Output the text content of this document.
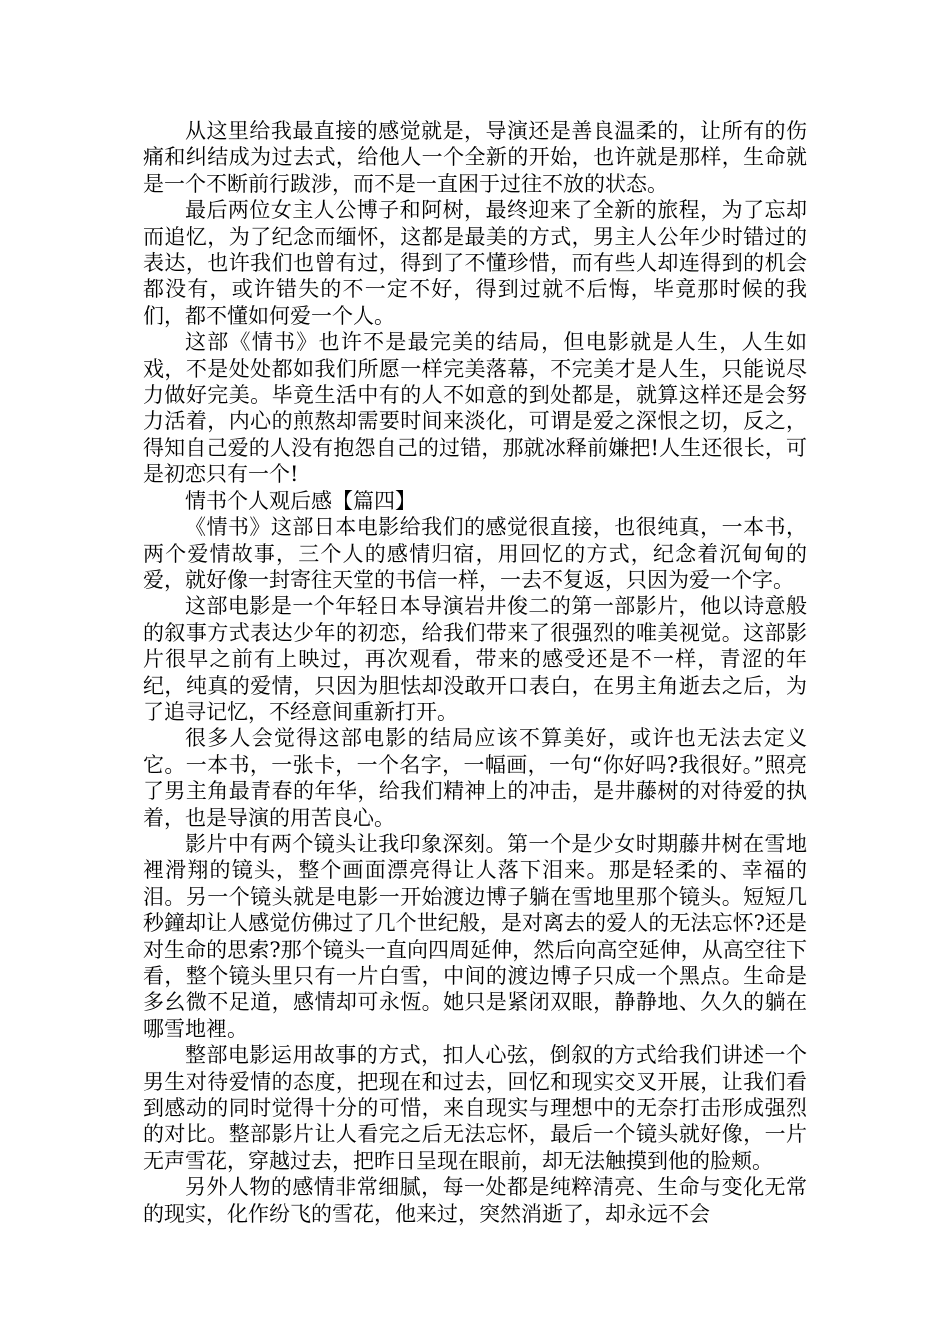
从这里给我最直接的感觉就是，导演还是善良温柔的，让所有的伤痛和纠结成为过去式，给他人一个全新的开始，也许就是那样，生命就是一个不断前行跋涉，而不是一直困于过往不放的状态。

最后两位女主人公博子和阿树，最终迎来了全新的旅程，为了忘却而追忆，为了纪念而缅怀，这都是最美的方式，男主人公年少时错过的表达，也许我们也曾有过，得到了不懂珍惜，而有些人却连得到的机会都没有，或许错失的不一定不好，得到过就不后悔，毕竟那时候的我们，都不懂如何爱一个人。

这部《情书》也许不是最完美的结局，但电影就是人生，人生如戏，不是处处都如我们所愿一样完美落幕，不完美才是人生，只能说尽力做好完美。毕竟生活中有的人不如意的到处都是，就算这样还是会努力活着，内心的煎熬却需要时间来淡化，可谓是爱之深恨之切，反之，得知自己爱的人没有抱怨自己的过错，那就冰释前嫌把!人生还很长，可是初恋只有一个!

情书个人观后感【篇四】

《情书》这部日本电影给我们的感觉很直接，也很纯真，一本书，两个爱情故事，三个人的感情归宿，用回忆的方式，纪念着沉甸甸的爱，就好像一封寄往天堂的书信一样，一去不复返，只因为爱一个字。

这部电影是一个年轻日本导演岩井俊二的第一部影片，他以诗意般的叙事方式表达少年的初恋，给我们带来了很强烈的唯美视觉。这部影片很早之前有上映过，再次观看，带来的感受还是不一样，青涩的年纪，纯真的爱情，只因为胆怯却没敢开口表白，在男主角逝去之后，为了追寻记忆，不经意间重新打开。

很多人会觉得这部电影的结局应该不算美好，或许也无法去定义它。一本书，一张卡，一个名字，一幅画，一句“你好吗?我很好。”照亮了男主角最青春的年华，给我们精神上的冲击，是井藤树的对待爱的执着，也是导演的用苦良心。

影片中有两个镜头让我印象深刻。第一个是少女时期藤井树在雪地裡滑翔的镜头，整个画面漂亮得让人落下泪来。那是轻柔的、幸福的泪。另一个镜头就是电影一开始渡边博子躺在雪地里那个镜头。短短几秒鐘却让人感觉仿佛过了几个世纪般，是对离去的爱人的无法忘怀?还是对生命的思索?那个镜头一直向四周延伸，然后向高空延伸，从高空往下看，整个镜头里只有一片白雪，中间的渡边博子只成一个黑点。生命是多幺微不足道，感情却可永恆。她只是紧闭双眼，静静地、久久的躺在哪雪地裡。

整部电影运用故事的方式，扣人心弦，倒叙的方式给我们讲述一个男生对待爱情的态度，把现在和过去，回忆和现实交叉开展，让我们看到感动的同时觉得十分的可惜，来自现实与理想中的无奈打击形成强烈的对比。整部影片让人看完之后无法忘怀，最后一个镜头就好像，一片无声雪花，穿越过去，把昨日呈现在眼前，却无法触摸到他的脸颊。

另外人物的感情非常细腻，每一处都是纯粹清亮、生命与变化无常的现实，化作纷飞的雪花，他来过，突然消逝了，却永远不会
